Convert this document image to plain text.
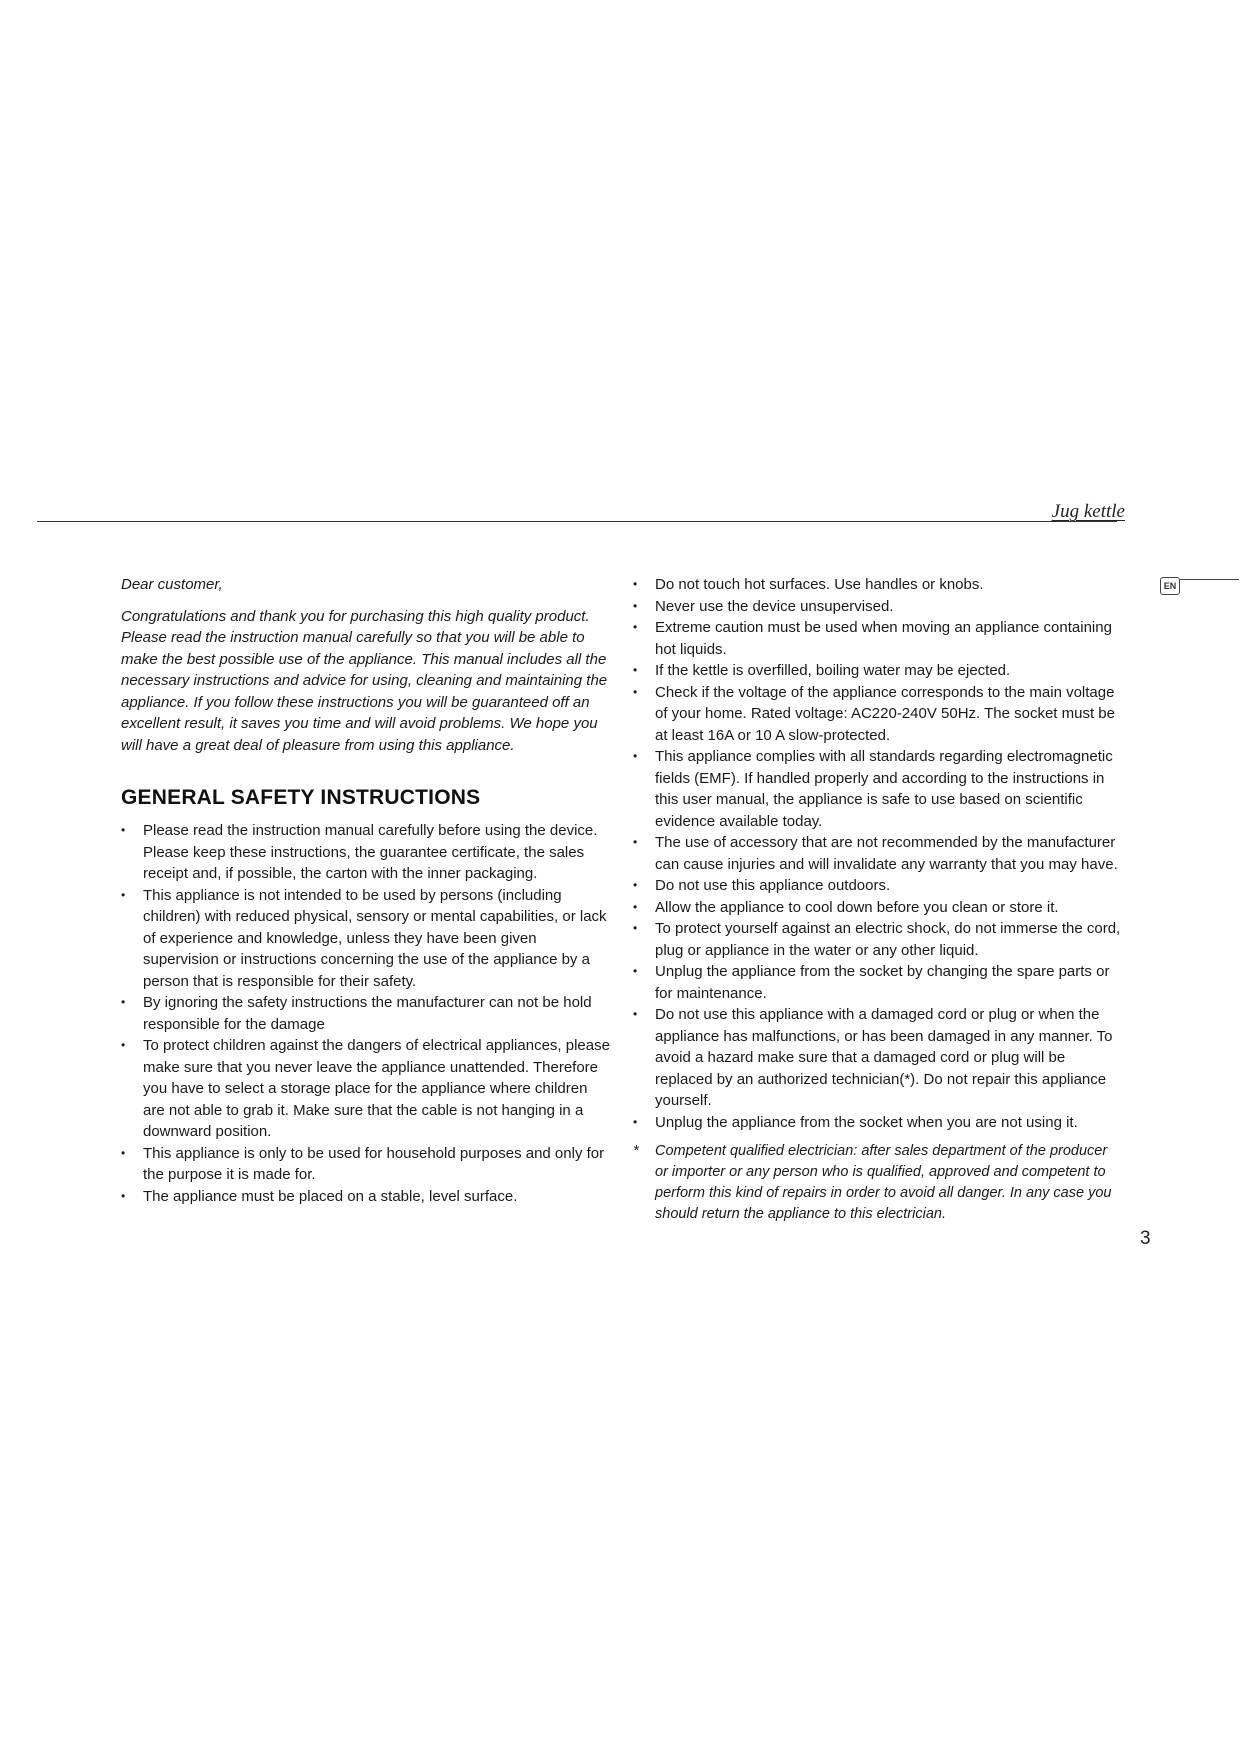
Jug kettle
EN

Dear customer,

Congratulations and thank you for purchasing this high quality product. Please read the instruction manual carefully so that you will be able to make the best possible use of the appliance. This manual includes all the necessary instructions and advice for using, cleaning and maintaining the appliance. If you follow these instructions you will be guaranteed off an excellent result, it saves you time and will avoid problems. We hope you will have a great deal of pleasure from using this appliance.

GENERAL SAFETY INSTRUCTIONS
• Please read the instruction manual carefully before using the device. Please keep these instructions, the guarantee certificate, the sales receipt and, if possible, the carton with the inner packaging.
• This appliance is not intended to be used by persons (including children) with reduced physical, sensory or mental capabilities, or lack of experience and knowledge, unless they have been given supervision or instructions concerning the use of the appliance by a person that is responsible for their safety.
• By ignoring the safety instructions the manufacturer can not be hold responsible for the damage
• To protect children against the dangers of electrical appliances, please make sure that you never leave the appliance unattended. Therefore you have to select a storage place for the appliance where children are not able to grab it. Make sure that the cable is not hanging in a downward position.
• This appliance is only to be used for household purposes and only for the purpose it is made for.
• The appliance must be placed on a stable, level surface.
• Do not touch hot surfaces. Use handles or knobs.
• Never use the device unsupervised.
• Extreme caution must be used when moving an appliance containing hot liquids.
• If the kettle is overfilled, boiling water may be ejected.
• Check if the voltage of the appliance corresponds to the main voltage of your home. Rated voltage: AC220-240V 50Hz. The socket must be at least 16A or 10 A slow-protected.
• This appliance complies with all standards regarding electromagnetic fields (EMF). If handled properly and according to the instructions in this user manual, the appliance is safe to use based on scientific evidence available today.
• The use of accessory that are not recommended by the manufacturer can cause injuries and will invalidate any warranty that you may have.
• Do not use this appliance outdoors.
• Allow the appliance to cool down before you clean or store it.
• To protect yourself against an electric shock, do not immerse the cord, plug or appliance in the water or any other liquid.
• Unplug the appliance from the socket by changing the spare parts or for maintenance.
• Do not use this appliance with a damaged cord or plug or when the appliance has malfunctions, or has been damaged in any manner. To avoid a hazard make sure that a damaged cord or plug will be replaced by an authorized technician(*). Do not repair this appliance yourself.
• Unplug the appliance from the socket when you are not using it.
* Competent qualified electrician: after sales department of the producer or importer or any person who is qualified, approved and competent to perform this kind of repairs in order to avoid all danger. In any case you should return the appliance to this electrician.
3
